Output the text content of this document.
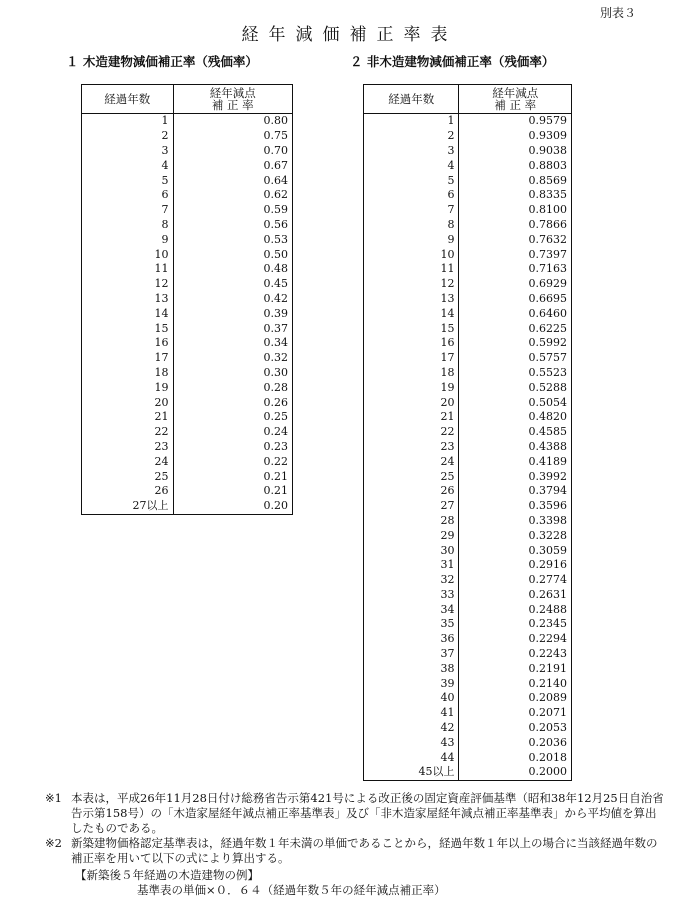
別表３
経年減価補正率表
１ 木造建物減価補正率（残価率）	２ 非木造建物減価補正率（残価率）
経過年数	経年減点
補 正 率

1	0.80
2	0.75
3	0.70
4	0.67
5	0.64
6	0.62
7	0.59
8	0.56
9	0.53
10	0.50
11	0.48
12	0.45
13	0.42
14	0.39
15	0.37
16	0.34
17	0.32
18	0.30
19	0.28
20	0.26
21	0.25
22	0.24
23	0.23
24	0.22
25	0.21
26	0.21
27以上	0.20
経過年数	経年減点
補 正 率

1	0.9579
2	0.9309
3	0.9038
4	0.8803
5	0.8569
6	0.8335
7	0.8100
8	0.7866
9	0.7632
10	0.7397
11	0.7163
12	0.6929
13	0.6695
14	0.6460
15	0.6225
16	0.5992
17	0.5757
18	0.5523
19	0.5288
20	0.5054
21	0.4820
22	0.4585
23	0.4388
24	0.4189
25	0.3992
26	0.3794
27	0.3596
28	0.3398
29	0.3228
30	0.3059
31	0.2916
32	0.2774
33	0.2631
34	0.2488
35	0.2345
36	0.2294
37	0.2243
38	0.2191
39	0.2140
40	0.2089
41	0.2071
42	0.2053
43	0.2036
44	0.2018
45以上	0.2000
※1 本表は，平成26年11月28日付け総務省告示第421号による改正後の固定資産評価基準（昭和38年12月25日自治省告示第158号）の「木造家屋経年減点補正率基準表」及び「非木造家屋経年減点補正率基準表」から平均値を算出したものである。
※2 新築建物価格認定基準表は，経過年数１年未満の単価であることから，経過年数１年以上の場合に当該経過年数の補正率を用いて以下の式により算出する。
【新築後５年経過の木造建物の例】
基準表の単価×０．６４（経過年数５年の経年減点補正率）
